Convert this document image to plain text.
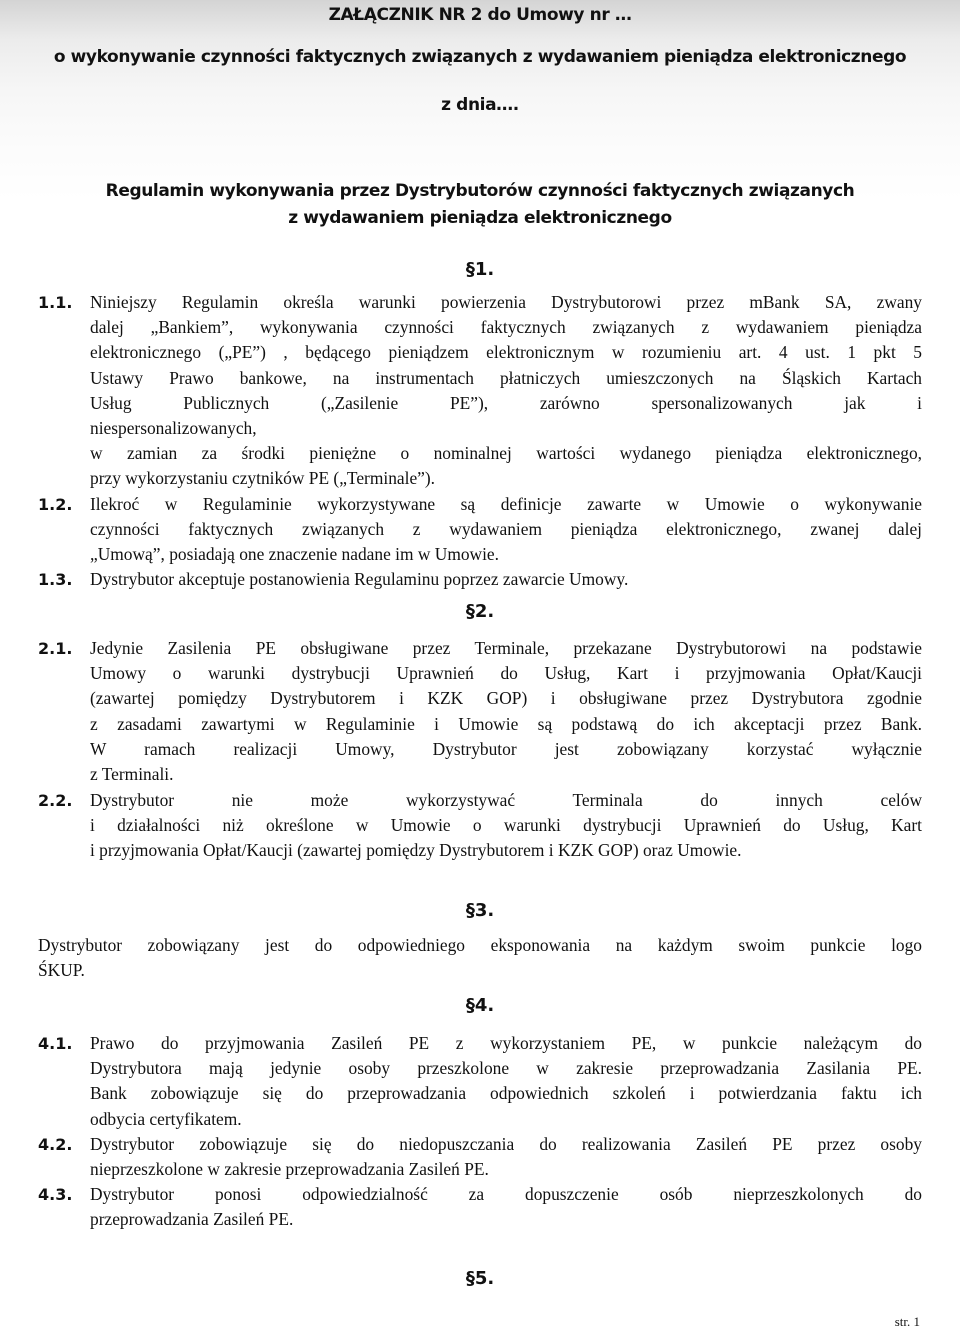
ZAŁĄCZNIK NR 2 do Umowy nr …
o wykonywanie czynności faktycznych związanych z wydawaniem pieniądza elektronicznego
z dnia….
Regulamin wykonywania przez Dystrybutorów czynności faktycznych związanych
z wydawaniem pieniądza elektronicznego
§1.
1.1.	Niniejszy Regulamin określa warunki powierzenia Dystrybutorowi przez mBank SA, zwany
dalej „Bankiem”, wykonywania czynności faktycznych związanych z wydawaniem pieniądza
elektronicznego („PE”) , będącego pieniądzem elektronicznym w rozumieniu art. 4 ust. 1 pkt 5
Ustawy Prawo bankowe, na instrumentach płatniczych umieszczonych na Śląskich Kartach
Usług Publicznych („Zasilenie PE”), zarówno spersonalizowanych jak i
niespersonalizowanych,
w zamian za środki pieniężne o nominalnej wartości wydanego pieniądza elektronicznego,
przy wykorzystaniu czytników PE („Terminale”).
1.2.	Ilekroć w Regulaminie wykorzystywane są definicje zawarte w Umowie o wykonywanie
czynności faktycznych związanych z wydawaniem pieniądza elektronicznego, zwanej dalej
„Umową”, posiadają one znaczenie nadane im w Umowie.
1.3.	Dystrybutor akceptuje postanowienia Regulaminu poprzez zawarcie Umowy.
§2.
2.1.	Jedynie Zasilenia PE obsługiwane przez Terminale, przekazane Dystrybutorowi na podstawie
Umowy o warunki dystrybucji Uprawnień do Usług, Kart i przyjmowania Opłat/Kaucji
(zawartej pomiędzy Dystrybutorem i KZK GOP) i obsługiwane przez Dystrybutora zgodnie
z zasadami zawartymi w Regulaminie i Umowie są podstawą do ich akceptacji przez Bank.
W ramach realizacji Umowy, Dystrybutor jest zobowiązany korzystać wyłącznie
z Terminali.
2.2.	Dystrybutor nie może wykorzystywać Terminala do innych celów
i działalności niż określone w Umowie o warunki dystrybucji Uprawnień do Usług, Kart
i przyjmowania Opłat/Kaucji (zawartej pomiędzy Dystrybutorem i KZK GOP) oraz Umowie.
§3.
Dystrybutor zobowiązany jest do odpowiedniego eksponowania na każdym swoim punkcie logo
ŚKUP.
§4.
4.1.	Prawo do przyjmowania Zasileń PE z wykorzystaniem PE, w punkcie należącym do
Dystrybutora mają jedynie osoby przeszkolone w zakresie przeprowadzania Zasilania PE.
Bank zobowiązuje się do przeprowadzania odpowiednich szkoleń i potwierdzania faktu ich
odbycia certyfikatem.
4.2.	Dystrybutor zobowiązuje się do niedopuszczania do realizowania Zasileń PE przez osoby
nieprzeszkolone w zakresie przeprowadzania Zasileń PE.
4.3.	Dystrybutor ponosi odpowiedzialność za dopuszczenie osób nieprzeszkolonych do
przeprowadzania Zasileń PE.
§5.
str. 1
